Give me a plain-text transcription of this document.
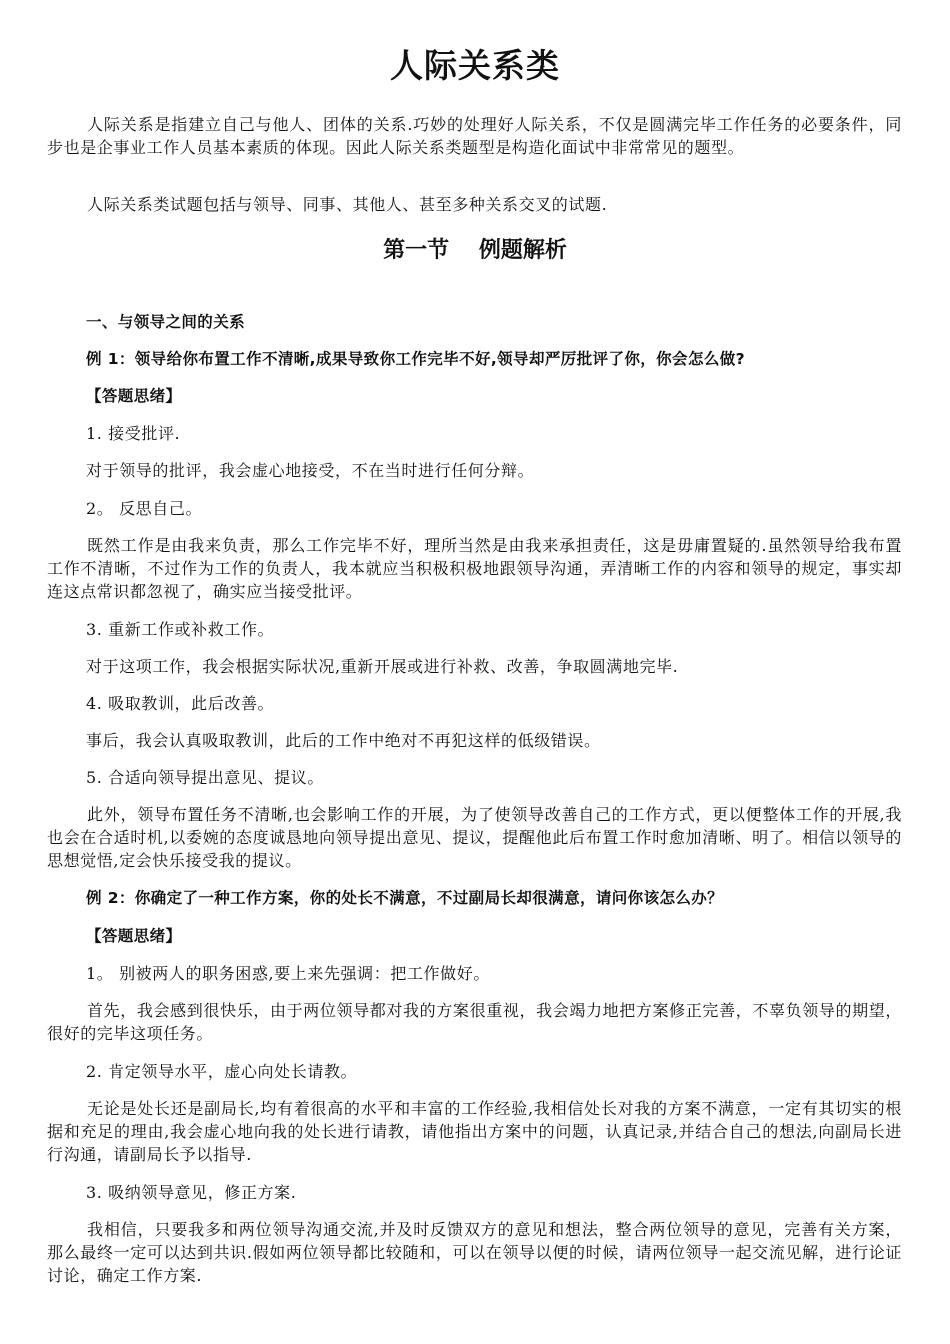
人际关系类
人际关系是指建立自己与他人、团体的关系.巧妙的处理好人际关系，不仅是圆满完毕工作任务的必要条件，同步也是企事业工作人员基本素质的体现。因此人际关系类题型是构造化面试中非常常见的题型。
人际关系类试题包括与领导、同事、其他人、甚至多种关系交叉的试题.
第一节　 例题解析
一、与领导之间的关系
例 1：领导给你布置工作不清晰,成果导致你工作完毕不好,领导却严厉批评了你，你会怎么做?
【答题思绪】
1. 接受批评.
对于领导的批评，我会虚心地接受，不在当时进行任何分辩。
2。 反思自己。
既然工作是由我来负责，那么工作完毕不好，理所当然是由我来承担责任，这是毋庸置疑的.虽然领导给我布置工作不清晰，不过作为工作的负责人，我本就应当积极积极地跟领导沟通，弄清晰工作的内容和领导的规定，事实却连这点常识都忽视了，确实应当接受批评。
3. 重新工作或补救工作。
对于这项工作，我会根据实际状况,重新开展或进行补救、改善，争取圆满地完毕.
4. 吸取教训，此后改善。
事后，我会认真吸取教训，此后的工作中绝对不再犯这样的低级错误。
5. 合适向领导提出意见、提议。
此外，领导布置任务不清晰,也会影响工作的开展，为了使领导改善自己的工作方式，更以便整体工作的开展,我也会在合适时机,以委婉的态度诚恳地向领导提出意见、提议，提醒他此后布置工作时愈加清晰、明了。相信以领导的思想觉悟,定会快乐接受我的提议。
例 2：你确定了一种工作方案，你的处长不满意，不过副局长却很满意，请问你该怎么办？
【答题思绪】
1。 别被两人的职务困惑,要上来先强调：把工作做好。
首先，我会感到很快乐，由于两位领导都对我的方案很重视，我会竭力地把方案修正完善，不辜负领导的期望，很好的完毕这项任务。
2. 肯定领导水平，虚心向处长请教。
无论是处长还是副局长,均有着很高的水平和丰富的工作经验,我相信处长对我的方案不满意，一定有其切实的根据和充足的理由,我会虚心地向我的处长进行请教，请他指出方案中的问题，认真记录,并结合自己的想法,向副局长进行沟通，请副局长予以指导.
3. 吸纳领导意见，修正方案.
我相信，只要我多和两位领导沟通交流,并及时反馈双方的意见和想法，整合两位领导的意见，完善有关方案，那么最终一定可以达到共识.假如两位领导都比较随和，可以在领导以便的时候，请两位领导一起交流见解，进行论证讨论，确定工作方案.
